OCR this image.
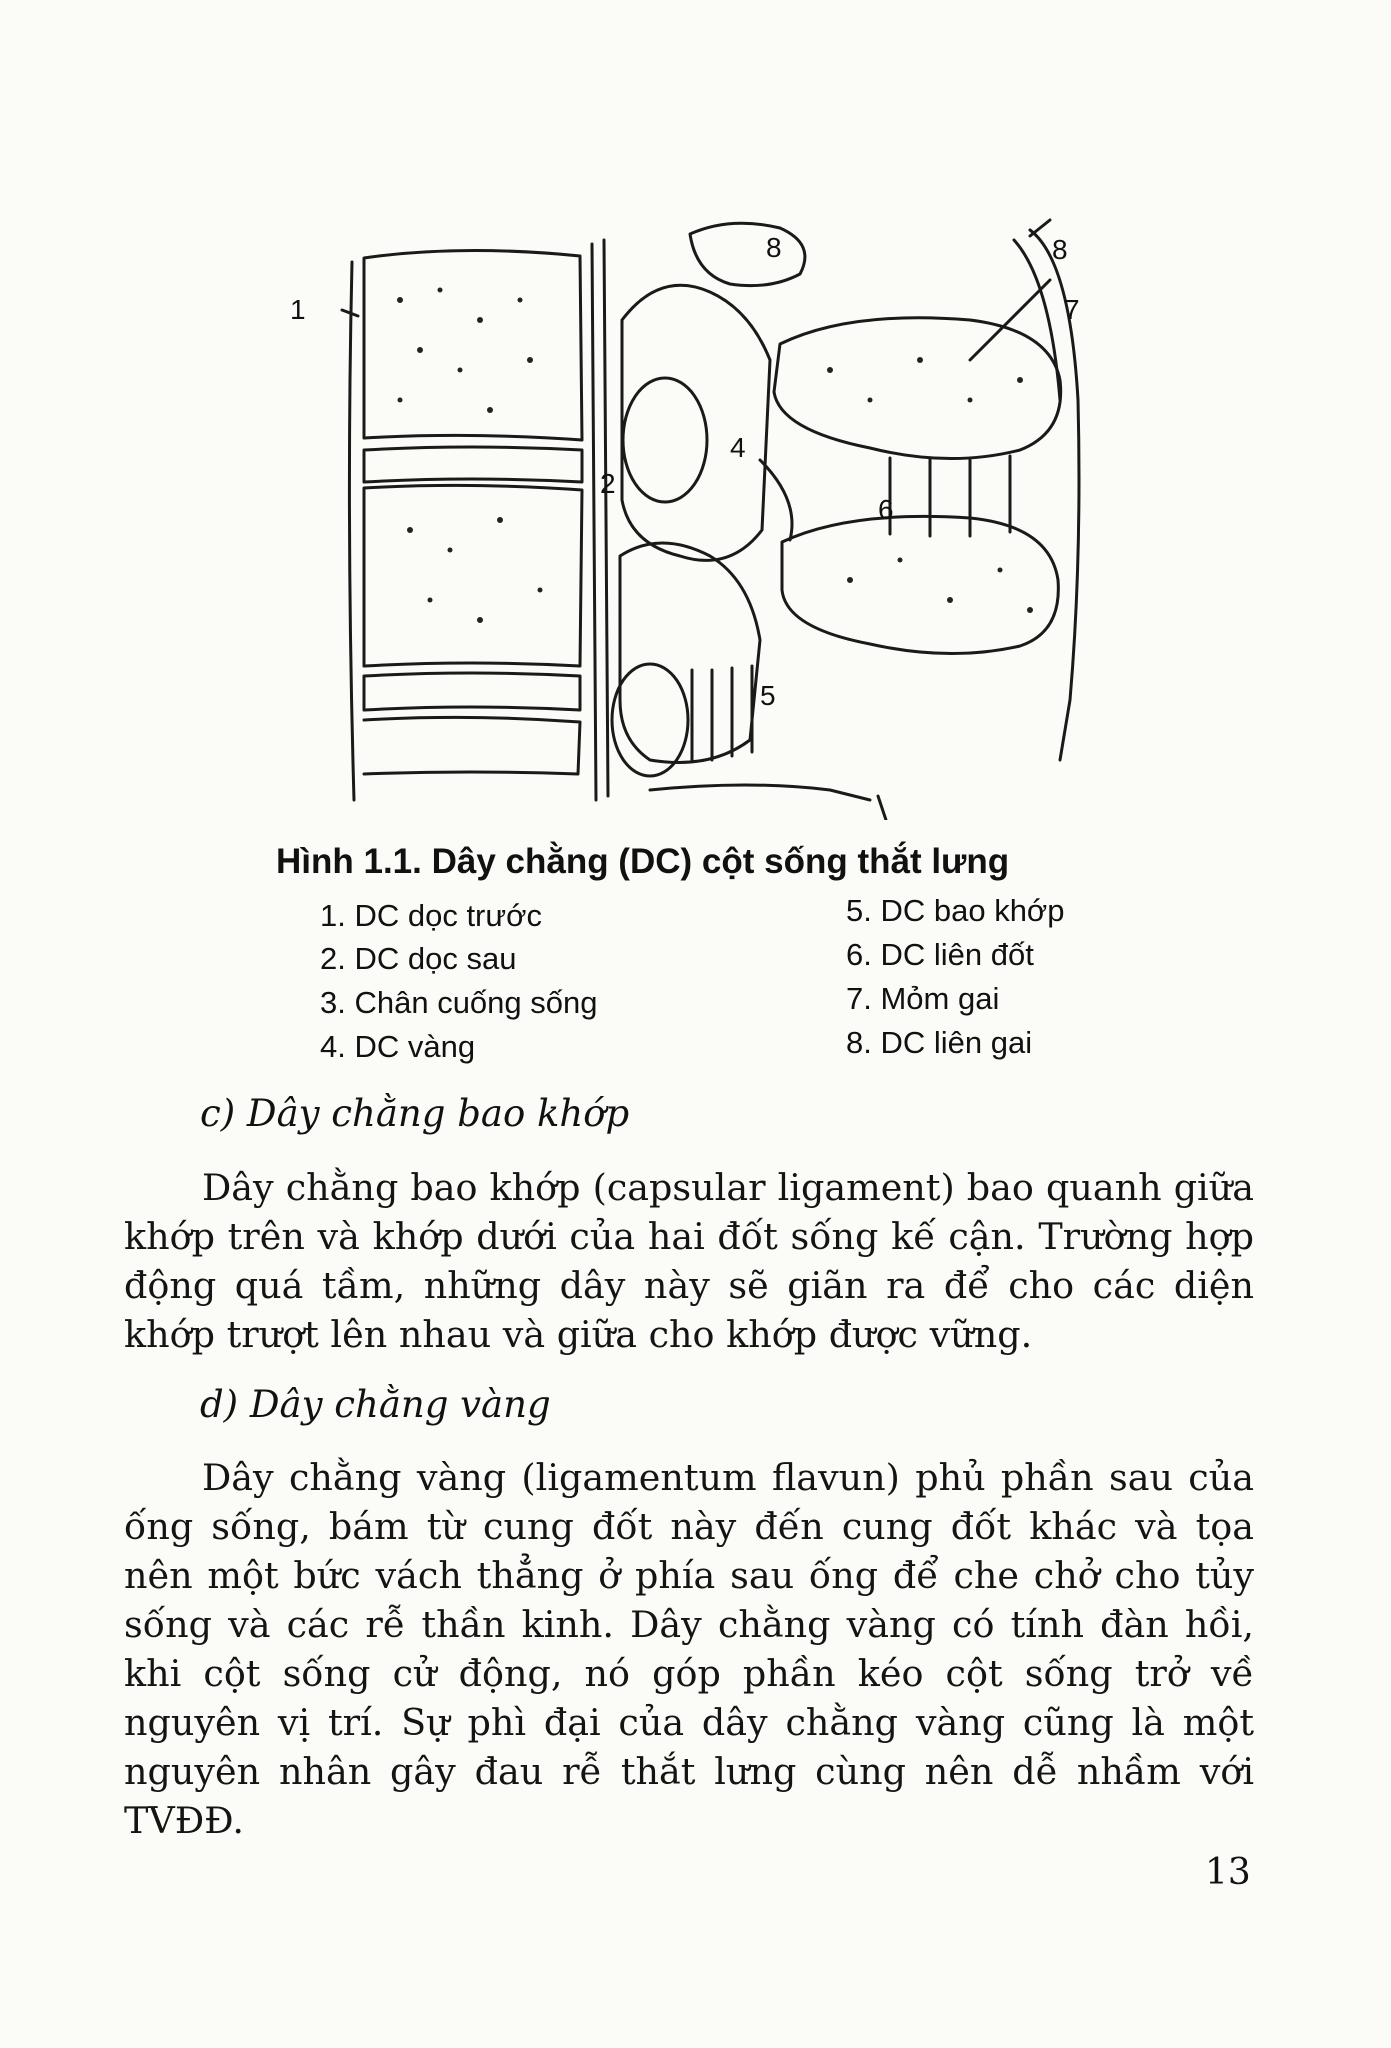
1
2
4
5
6
7
8
8
Hình 1.1. Dây chằng (DC) cột sống thắt lưng
1. DC dọc trước
2. DC dọc sau
3. Chân cuống sống
4. DC vàng
5. DC bao khớp
6. DC liên đốt
7. Mỏm gai
8. DC liên gai
c) Dây chằng bao khớp
Dây chằng bao khớp (capsular ligament) bao quanh giữa khớp trên và khớp dưới của hai đốt sống kế cận. Trường hợp động quá tầm, những dây này sẽ giãn ra để cho các diện khớp trượt lên nhau và giữa cho khớp được vững.
d) Dây chằng vàng
Dây chằng vàng (ligamentum flavun) phủ phần sau của ống sống, bám từ cung đốt này đến cung đốt khác và tọa nên một bức vách thẳng ở phía sau ống để che chở cho tủy sống và các rễ thần kinh. Dây chằng vàng có tính đàn hồi, khi cột sống cử động, nó góp phần kéo cột sống trở về nguyên vị trí. Sự phì đại của dây chằng vàng cũng là một nguyên nhân gây đau rễ thắt lưng cùng nên dễ nhầm với TVĐĐ.
13
